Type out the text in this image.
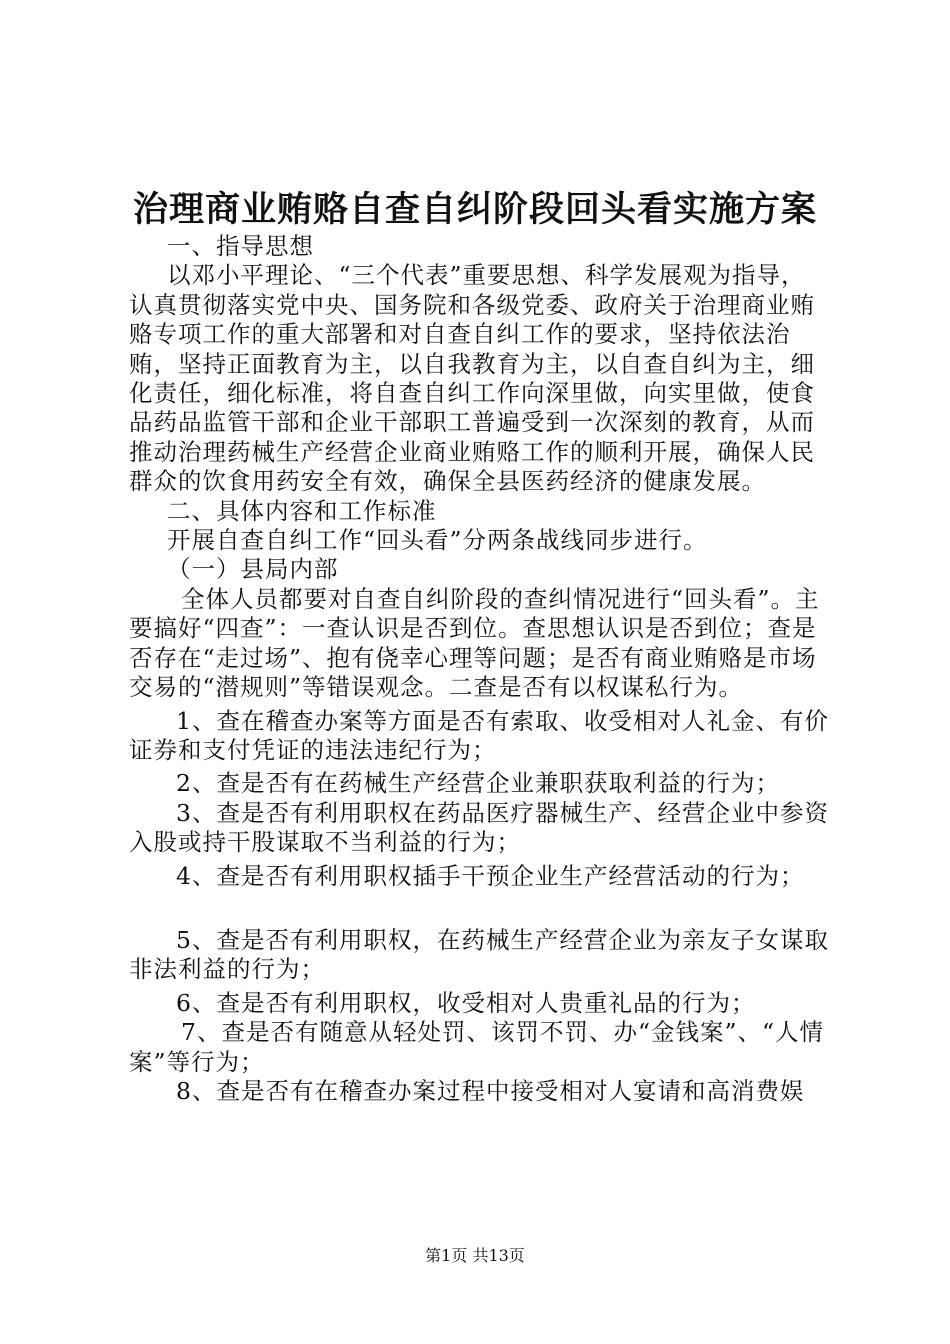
治理商业贿赂自查自纠阶段回头看实施方案

一、指导思想

以邓小平理论、“三个代表”重要思想、科学发展观为指导，认真贯彻落实党中央、国务院和各级党委、政府关于治理商业贿赂专项工作的重大部署和对自查自纠工作的要求，坚持依法治贿，坚持正面教育为主，以自我教育为主，以自查自纠为主，细化责任，细化标准，将自查自纠工作向深里做，向实里做，使食品药品监管干部和企业干部职工普遍受到一次深刻的教育，从而推动治理药械生产经营企业商业贿赂工作的顺利开展，确保人民群众的饮食用药安全有效，确保全县医药经济的健康发展。

二、具体内容和工作标准

开展自查自纠工作“回头看”分两条战线同步进行。

（一）县局内部

全体人员都要对自查自纠阶段的查纠情况进行“回头看”。主要搞好“四查”：一查认识是否到位。查思想认识是否到位；查是否存在“走过场”、抱有侥幸心理等问题；是否有商业贿赂是市场交易的“潜规则”等错误观念。二查是否有以权谋私行为。

1、查在稽查办案等方面是否有索取、收受相对人礼金、有价证券和支付凭证的违法违纪行为；

2、查是否有在药械生产经营企业兼职获取利益的行为；

3、查是否有利用职权在药品医疗器械生产、经营企业中参资入股或持干股谋取不当利益的行为；

4、查是否有利用职权插手干预企业生产经营活动的行为；

5、查是否有利用职权，在药械生产经营企业为亲友子女谋取非法利益的行为；

6、查是否有利用职权，收受相对人贵重礼品的行为；

7、查是否有随意从轻处罚、该罚不罚、办“金钱案”、“人情案”等行为；

8、查是否有在稽查办案过程中接受相对人宴请和高消费娱

第1页 共13页
